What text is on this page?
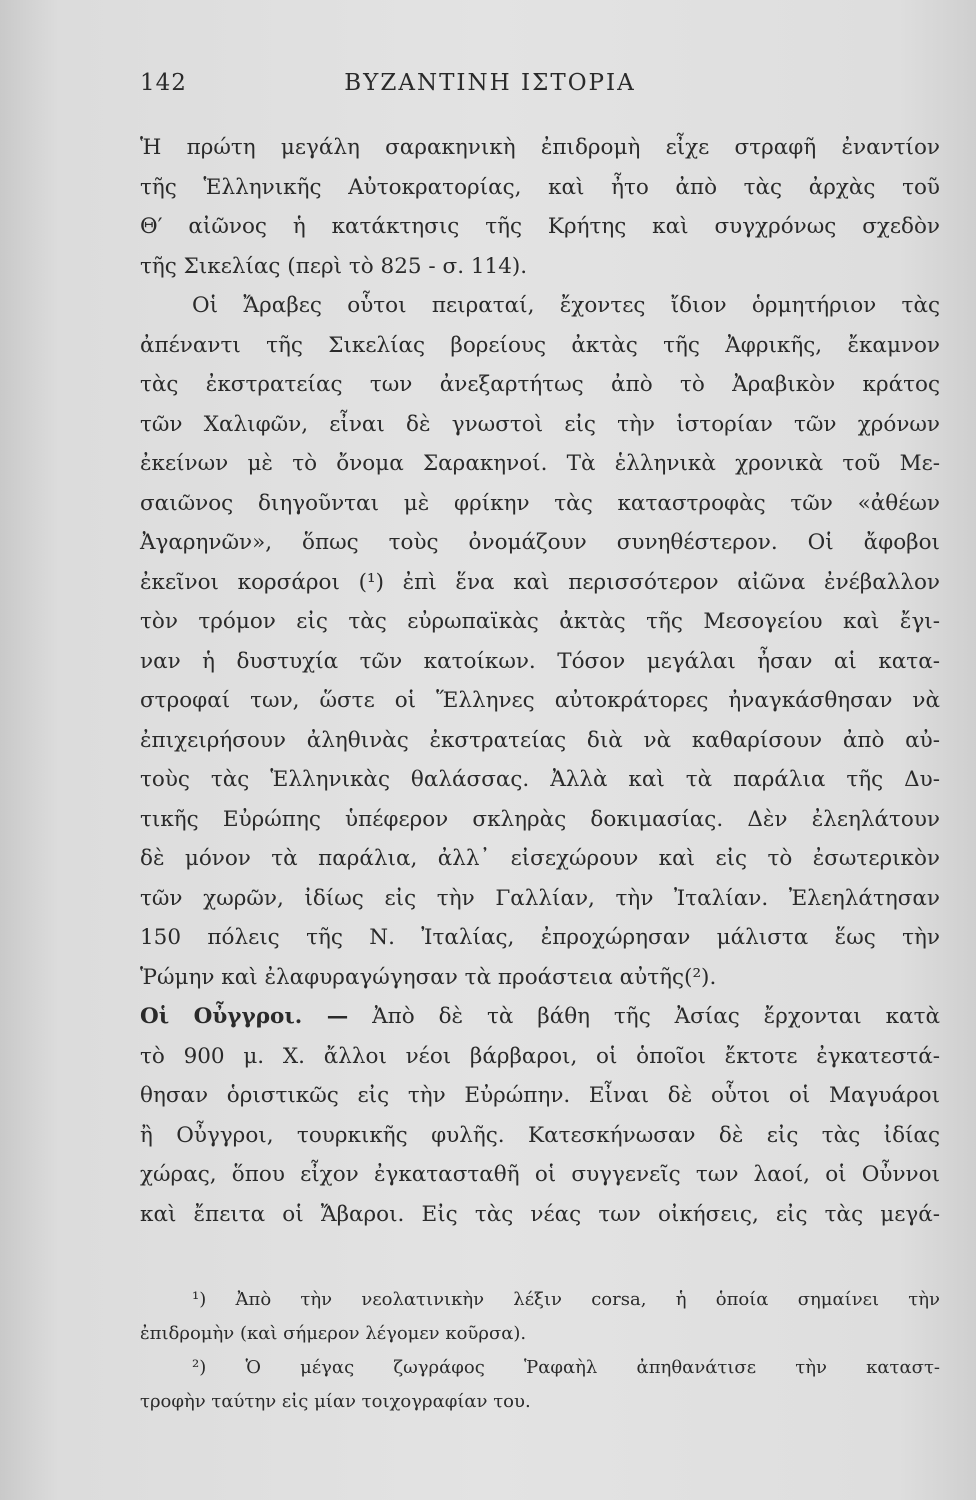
142	ΒΥΖΑΝΤΙΝΗ ΙΣΤΟΡΙΑ
Ἡ πρώτη μεγάλη σαρακηνικὴ ἐπιδρομὴ εἶχε στραφῆ ἐναντίον
τῆς Ἑλληνικῆς Αὐτοκρατορίας, καὶ ἦτο ἀπὸ τὰς ἀρχὰς τοῦ
Θ′ αἰῶνος ἡ κατάκτησις τῆς Κρήτης καὶ συγχρόνως σχεδὸν
τῆς Σικελίας (περὶ τὸ 825 - σ. 114).
Οἱ Ἄραβες οὗτοι πειραταί, ἔχοντες ἴδιον ὁρμητήριον τὰς
ἀπέναντι τῆς Σικελίας βορείους ἀκτὰς τῆς Ἀφρικῆς, ἔκαμνον
τὰς ἐκστρατείας των ἀνεξαρτήτως ἀπὸ τὸ Ἀραβικὸν κράτος
τῶν Χαλιφῶν, εἶναι δὲ γνωστοὶ εἰς τὴν ἱστορίαν τῶν χρόνων
ἐκείνων μὲ τὸ ὄνομα Σαρακηνοί. Τὰ ἑλληνικὰ χρονικὰ τοῦ Με-
σαιῶνος διηγοῦνται μὲ φρίκην τὰς καταστροφὰς τῶν «ἀθέων
Ἀγαρηνῶν», ὅπως τοὺς ὀνομάζουν συνηθέστερον. Οἱ ἄφοβοι
ἐκεῖνοι κορσάροι (¹) ἐπὶ ἕνα καὶ περισσότερον αἰῶνα ἐνέβαλλον
τὸν τρόμον εἰς τὰς εὐρωπαϊκὰς ἀκτὰς τῆς Μεσογείου καὶ ἔγι-
ναν ἡ δυστυχία τῶν κατοίκων. Τόσον μεγάλαι ἦσαν αἱ κατα-
στροφαί των, ὥστε οἱ Ἕλληνες αὐτοκράτορες ἠναγκάσθησαν νὰ
ἐπιχειρήσουν ἀληθινὰς ἐκστρατείας διὰ νὰ καθαρίσουν ἀπὸ αὐ-
τοὺς τὰς Ἑλληνικὰς θαλάσσας. Ἀλλὰ καὶ τὰ παράλια τῆς Δυ-
τικῆς Εὐρώπης ὑπέφερον σκληρὰς δοκιμασίας. Δὲν ἐλεηλάτουν
δὲ μόνον τὰ παράλια, ἀλλ᾿ εἰσεχώρουν καὶ εἰς τὸ ἐσωτερικὸν
τῶν χωρῶν, ἰδίως εἰς τὴν Γαλλίαν, τὴν Ἰταλίαν. Ἐλεηλάτησαν
150 πόλεις τῆς Ν. Ἰταλίας, ἐπροχώρησαν μάλιστα ἕως τὴν
Ῥώμην καὶ ἐλαφυραγώγησαν τὰ προάστεια αὐτῆς(²).
Οἱ Οὖγγροι. — Ἀπὸ δὲ τὰ βάθη τῆς Ἀσίας ἔρχονται κατὰ
τὸ 900 μ. Χ. ἄλλοι νέοι βάρβαροι, οἱ ὁποῖοι ἔκτοτε ἐγκατεστά-
θησαν ὁριστικῶς εἰς τὴν Εὐρώπην. Εἶναι δὲ οὗτοι οἱ Μαγυάροι
ἢ Οὖγγροι, τουρκικῆς φυλῆς. Κατεσκήνωσαν δὲ εἰς τὰς ἰδίας
χώρας, ὅπου εἶχον ἐγκατασταθῆ οἱ συγγενεῖς των λαοί, οἱ Οὖννοι
καὶ ἔπειτα οἱ Ἄβαροι. Εἰς τὰς νέας των οἰκήσεις, εἰς τὰς μεγά-
¹) Ἀπὸ τὴν νεολατινικὴν λέξιν corsa, ἡ ὁποία σημαίνει τὴν
ἐπιδρομὴν (καὶ σήμερον λέγομεν κοῦρσα).
²) Ὁ μέγας ζωγράφος Ῥαφαὴλ ἀπηθανάτισε τὴν καταστ-
τροφὴν ταύτην εἰς μίαν τοιχογραφίαν του.
